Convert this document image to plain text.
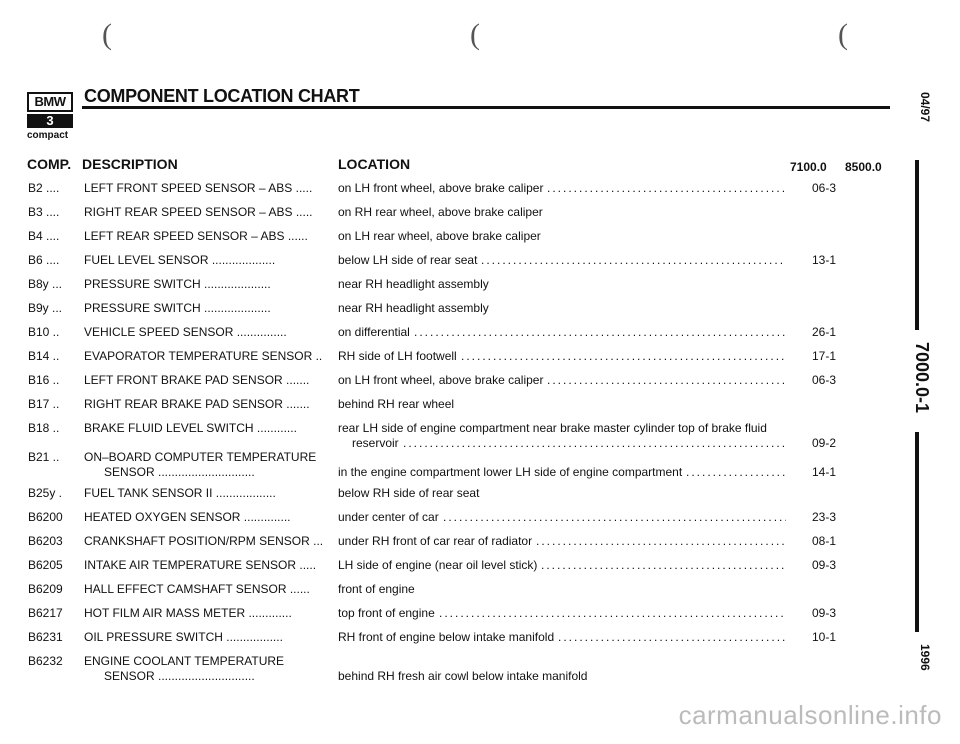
(	(	(
BMW
3
compact
COMPONENT LOCATION CHART
COMP. DESCRIPTION	LOCATION	7100.0 8500.0
B2 .... LEFT FRONT SPEED SENSOR – ABS ..... on LH front wheel, above brake caliper	06-3
B3 .... RIGHT REAR SPEED SENSOR – ABS ..... on RH rear wheel, above brake caliper
B4 .... LEFT REAR SPEED SENSOR – ABS ......	on LH rear wheel, above brake caliper
B6 .... FUEL LEVEL SENSOR ...................	below LH side of rear seat	13-1
B8y ... PRESSURE SWITCH ....................	near RH headlight assembly
B9y ... PRESSURE SWITCH ....................	near RH headlight assembly
B10 .. VEHICLE SPEED SENSOR ...............	on differential	26-1
B14 .. EVAPORATOR TEMPERATURE SENSOR .. RH side of LH footwell	17-1
B16 .. LEFT FRONT BRAKE PAD SENSOR ....... on LH front wheel, above brake caliper	06-3
B17 .. RIGHT REAR BRAKE PAD SENSOR ....... behind RH rear wheel
B18 .. BRAKE FLUID LEVEL SWITCH ............	rear LH side of engine compartment near brake master cylinder top of brake fluid
reservoir	09-2
B21 .. ON–BOARD COMPUTER TEMPERATURE
SENSOR .............................	in the engine compartment lower LH side of engine compartment	14-1
B25y . FUEL TANK SENSOR II ..................	below RH side of rear seat
B6200 HEATED OXYGEN SENSOR ..............	under center of car	23-3
B6203 CRANKSHAFT POSITION/RPM SENSOR ... under RH front of car rear of radiator	08-1
B6205 INTAKE AIR TEMPERATURE SENSOR ..... LH side of engine (near oil level stick)	09-3
B6209 HALL EFFECT CAMSHAFT SENSOR ...... front of engine
B6217 HOT FILM AIR MASS METER .............	top front of engine	09-3
B6231 OIL PRESSURE SWITCH .................	RH front of engine below intake manifold	10-1
B6232 ENGINE COOLANT TEMPERATURE
SENSOR .............................	behind RH fresh air cowl below intake manifold
.....
.....
.....
.....
.....
.....
.....
.....
.....
.....
.....
.....
04/97
7000.0-1
1996
carmanualsonline.info
